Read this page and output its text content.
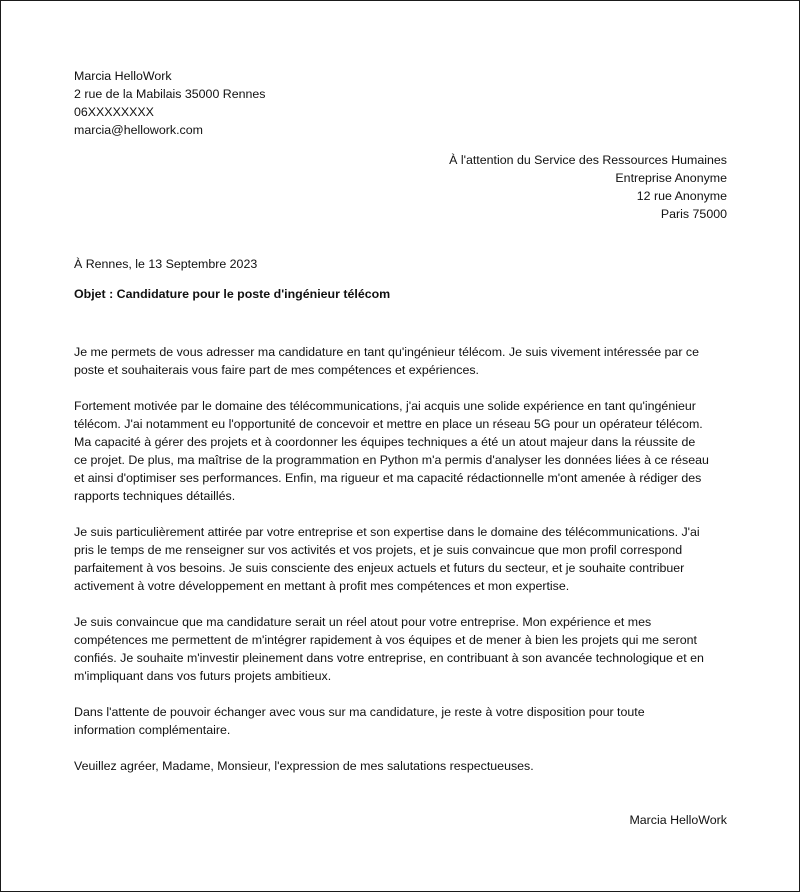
Marcia HelloWork
2 rue de la Mabilais 35000 Rennes
06XXXXXXXX
marcia@hellowork.com
À l'attention du Service des Ressources Humaines
Entreprise Anonyme
12 rue Anonyme
Paris 75000
À Rennes, le 13 Septembre 2023
Objet : Candidature pour le poste d'ingénieur télécom

Je me permets de vous adresser ma candidature en tant qu'ingénieur télécom. Je suis vivement intéressée par ce
poste et souhaiterais vous faire part de mes compétences et expériences.

Fortement motivée par le domaine des télécommunications, j'ai acquis une solide expérience en tant qu'ingénieur
télécom. J'ai notamment eu l'opportunité de concevoir et mettre en place un réseau 5G pour un opérateur télécom.
Ma capacité à gérer des projets et à coordonner les équipes techniques a été un atout majeur dans la réussite de
ce projet. De plus, ma maîtrise de la programmation en Python m'a permis d'analyser les données liées à ce réseau
et ainsi d'optimiser ses performances. Enfin, ma rigueur et ma capacité rédactionnelle m'ont amenée à rédiger des
rapports techniques détaillés.

Je suis particulièrement attirée par votre entreprise et son expertise dans le domaine des télécommunications. J'ai
pris le temps de me renseigner sur vos activités et vos projets, et je suis convaincue que mon profil correspond
parfaitement à vos besoins. Je suis consciente des enjeux actuels et futurs du secteur, et je souhaite contribuer
activement à votre développement en mettant à profit mes compétences et mon expertise.

Je suis convaincue que ma candidature serait un réel atout pour votre entreprise. Mon expérience et mes
compétences me permettent de m'intégrer rapidement à vos équipes et de mener à bien les projets qui me seront
confiés. Je souhaite m'investir pleinement dans votre entreprise, en contribuant à son avancée technologique et en
m'impliquant dans vos futurs projets ambitieux.

Dans l'attente de pouvoir échanger avec vous sur ma candidature, je reste à votre disposition pour toute
information complémentaire.

Veuillez agréer, Madame, Monsieur, l'expression de mes salutations respectueuses.

Marcia HelloWork
